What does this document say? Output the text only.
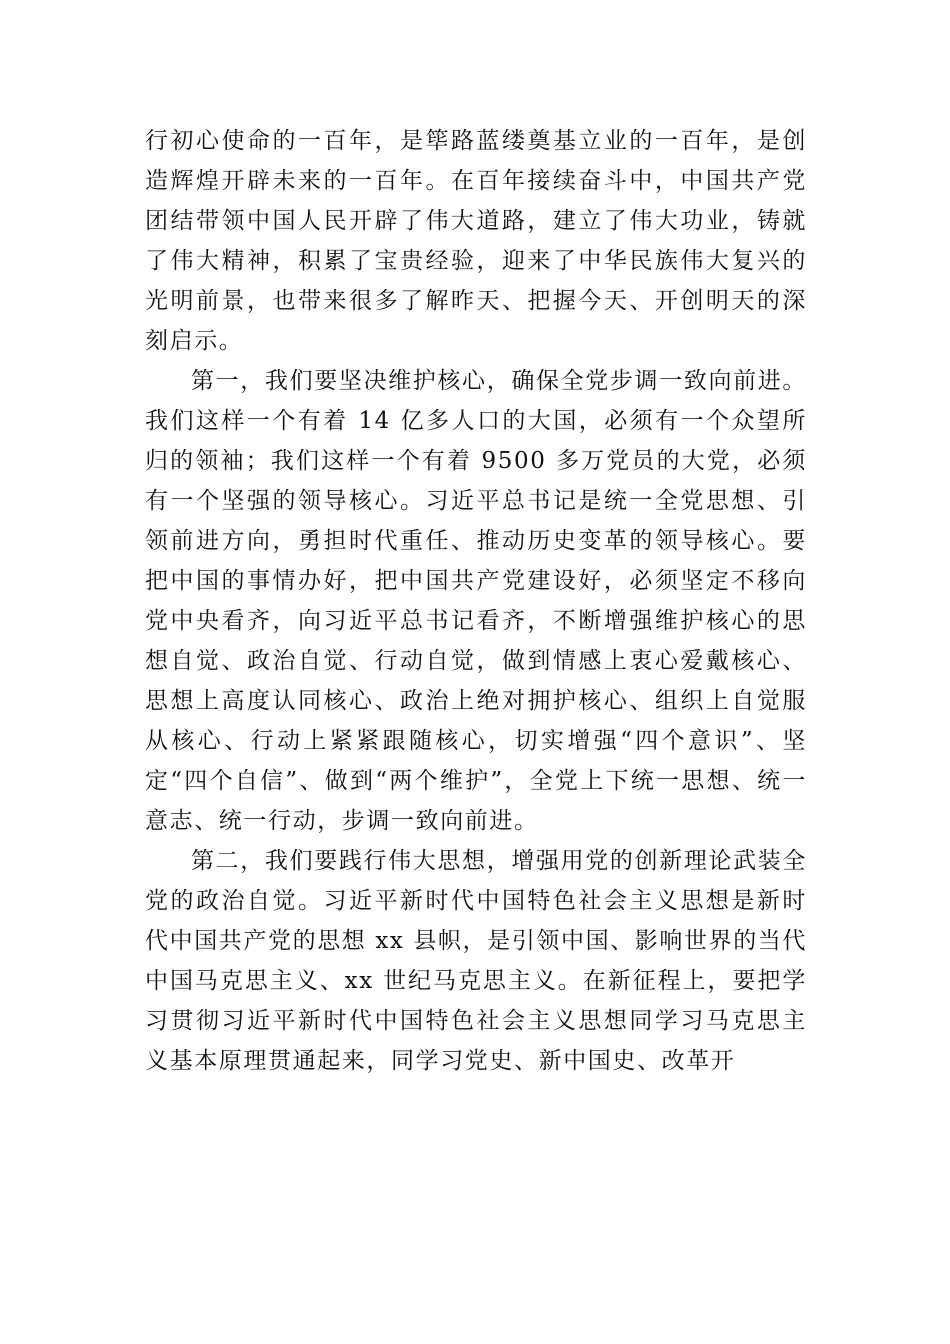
行初心使命的一百年，是筚路蓝缕奠基立业的一百年，是创造辉煌开辟未来的一百年。在百年接续奋斗中，中国共产党团结带领中国人民开辟了伟大道路，建立了伟大功业，铸就了伟大精神，积累了宝贵经验，迎来了中华民族伟大复兴的光明前景，也带来很多了解昨天、把握今天、开创明天的深刻启示。

第一，我们要坚决维护核心，确保全党步调一致向前进。我们这样一个有着 14 亿多人口的大国，必须有一个众望所归的领袖；我们这样一个有着 9500 多万党员的大党，必须有一个坚强的领导核心。习近平总书记是统一全党思想、引领前进方向，勇担时代重任、推动历史变革的领导核心。要把中国的事情办好，把中国共产党建设好，必须坚定不移向党中央看齐，向习近平总书记看齐，不断增强维护核心的思想自觉、政治自觉、行动自觉，做到情感上衷心爱戴核心、思想上高度认同核心、政治上绝对拥护核心、组织上自觉服从核心、行动上紧紧跟随核心，切实增强“四个意识”、坚定“四个自信”、做到“两个维护”，全党上下统一思想、统一意志、统一行动，步调一致向前进。

第二，我们要践行伟大思想，增强用党的创新理论武装全党的政治自觉。习近平新时代中国特色社会主义思想是新时代中国共产党的思想 xx 县帜，是引领中国、影响世界的当代中国马克思主义、xx 世纪马克思主义。在新征程上，要把学习贯彻习近平新时代中国特色社会主义思想同学习马克思主义基本原理贯通起来，同学习党史、新中国史、改革开
